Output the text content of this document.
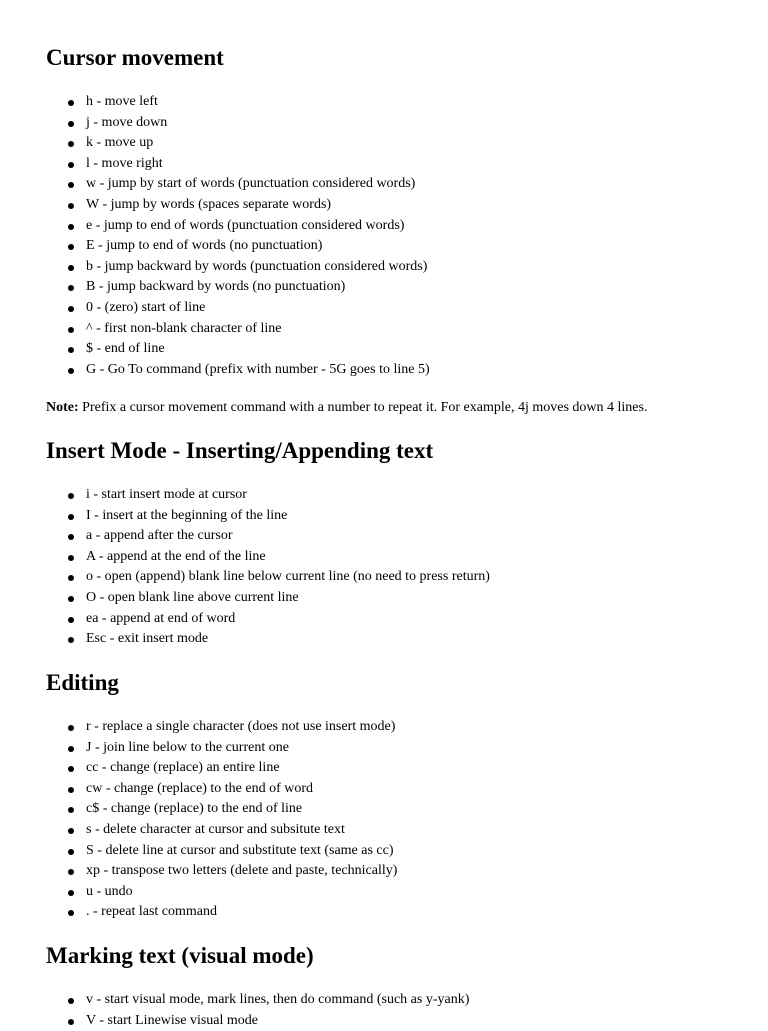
Cursor movement
h - move left
j - move down
k - move up
l - move right
w - jump by start of words (punctuation considered words)
W - jump by words (spaces separate words)
e - jump to end of words (punctuation considered words)
E - jump to end of words (no punctuation)
b - jump backward by words (punctuation considered words)
B - jump backward by words (no punctuation)
0 - (zero) start of line
^ - first non-blank character of line
$ - end of line
G - Go To command (prefix with number - 5G goes to line 5)
Note: Prefix a cursor movement command with a number to repeat it. For example, 4j moves down 4 lines.
Insert Mode - Inserting/Appending text
i - start insert mode at cursor
I - insert at the beginning of the line
a - append after the cursor
A - append at the end of the line
o - open (append) blank line below current line (no need to press return)
O - open blank line above current line
ea - append at end of word
Esc - exit insert mode
Editing
r - replace a single character (does not use insert mode)
J - join line below to the current one
cc - change (replace) an entire line
cw - change (replace) to the end of word
c$ - change (replace) to the end of line
s - delete character at cursor and subsitute text
S - delete line at cursor and substitute text (same as cc)
xp - transpose two letters (delete and paste, technically)
u - undo
. - repeat last command
Marking text (visual mode)
v - start visual mode, mark lines, then do command (such as y-yank)
V - start Linewise visual mode
